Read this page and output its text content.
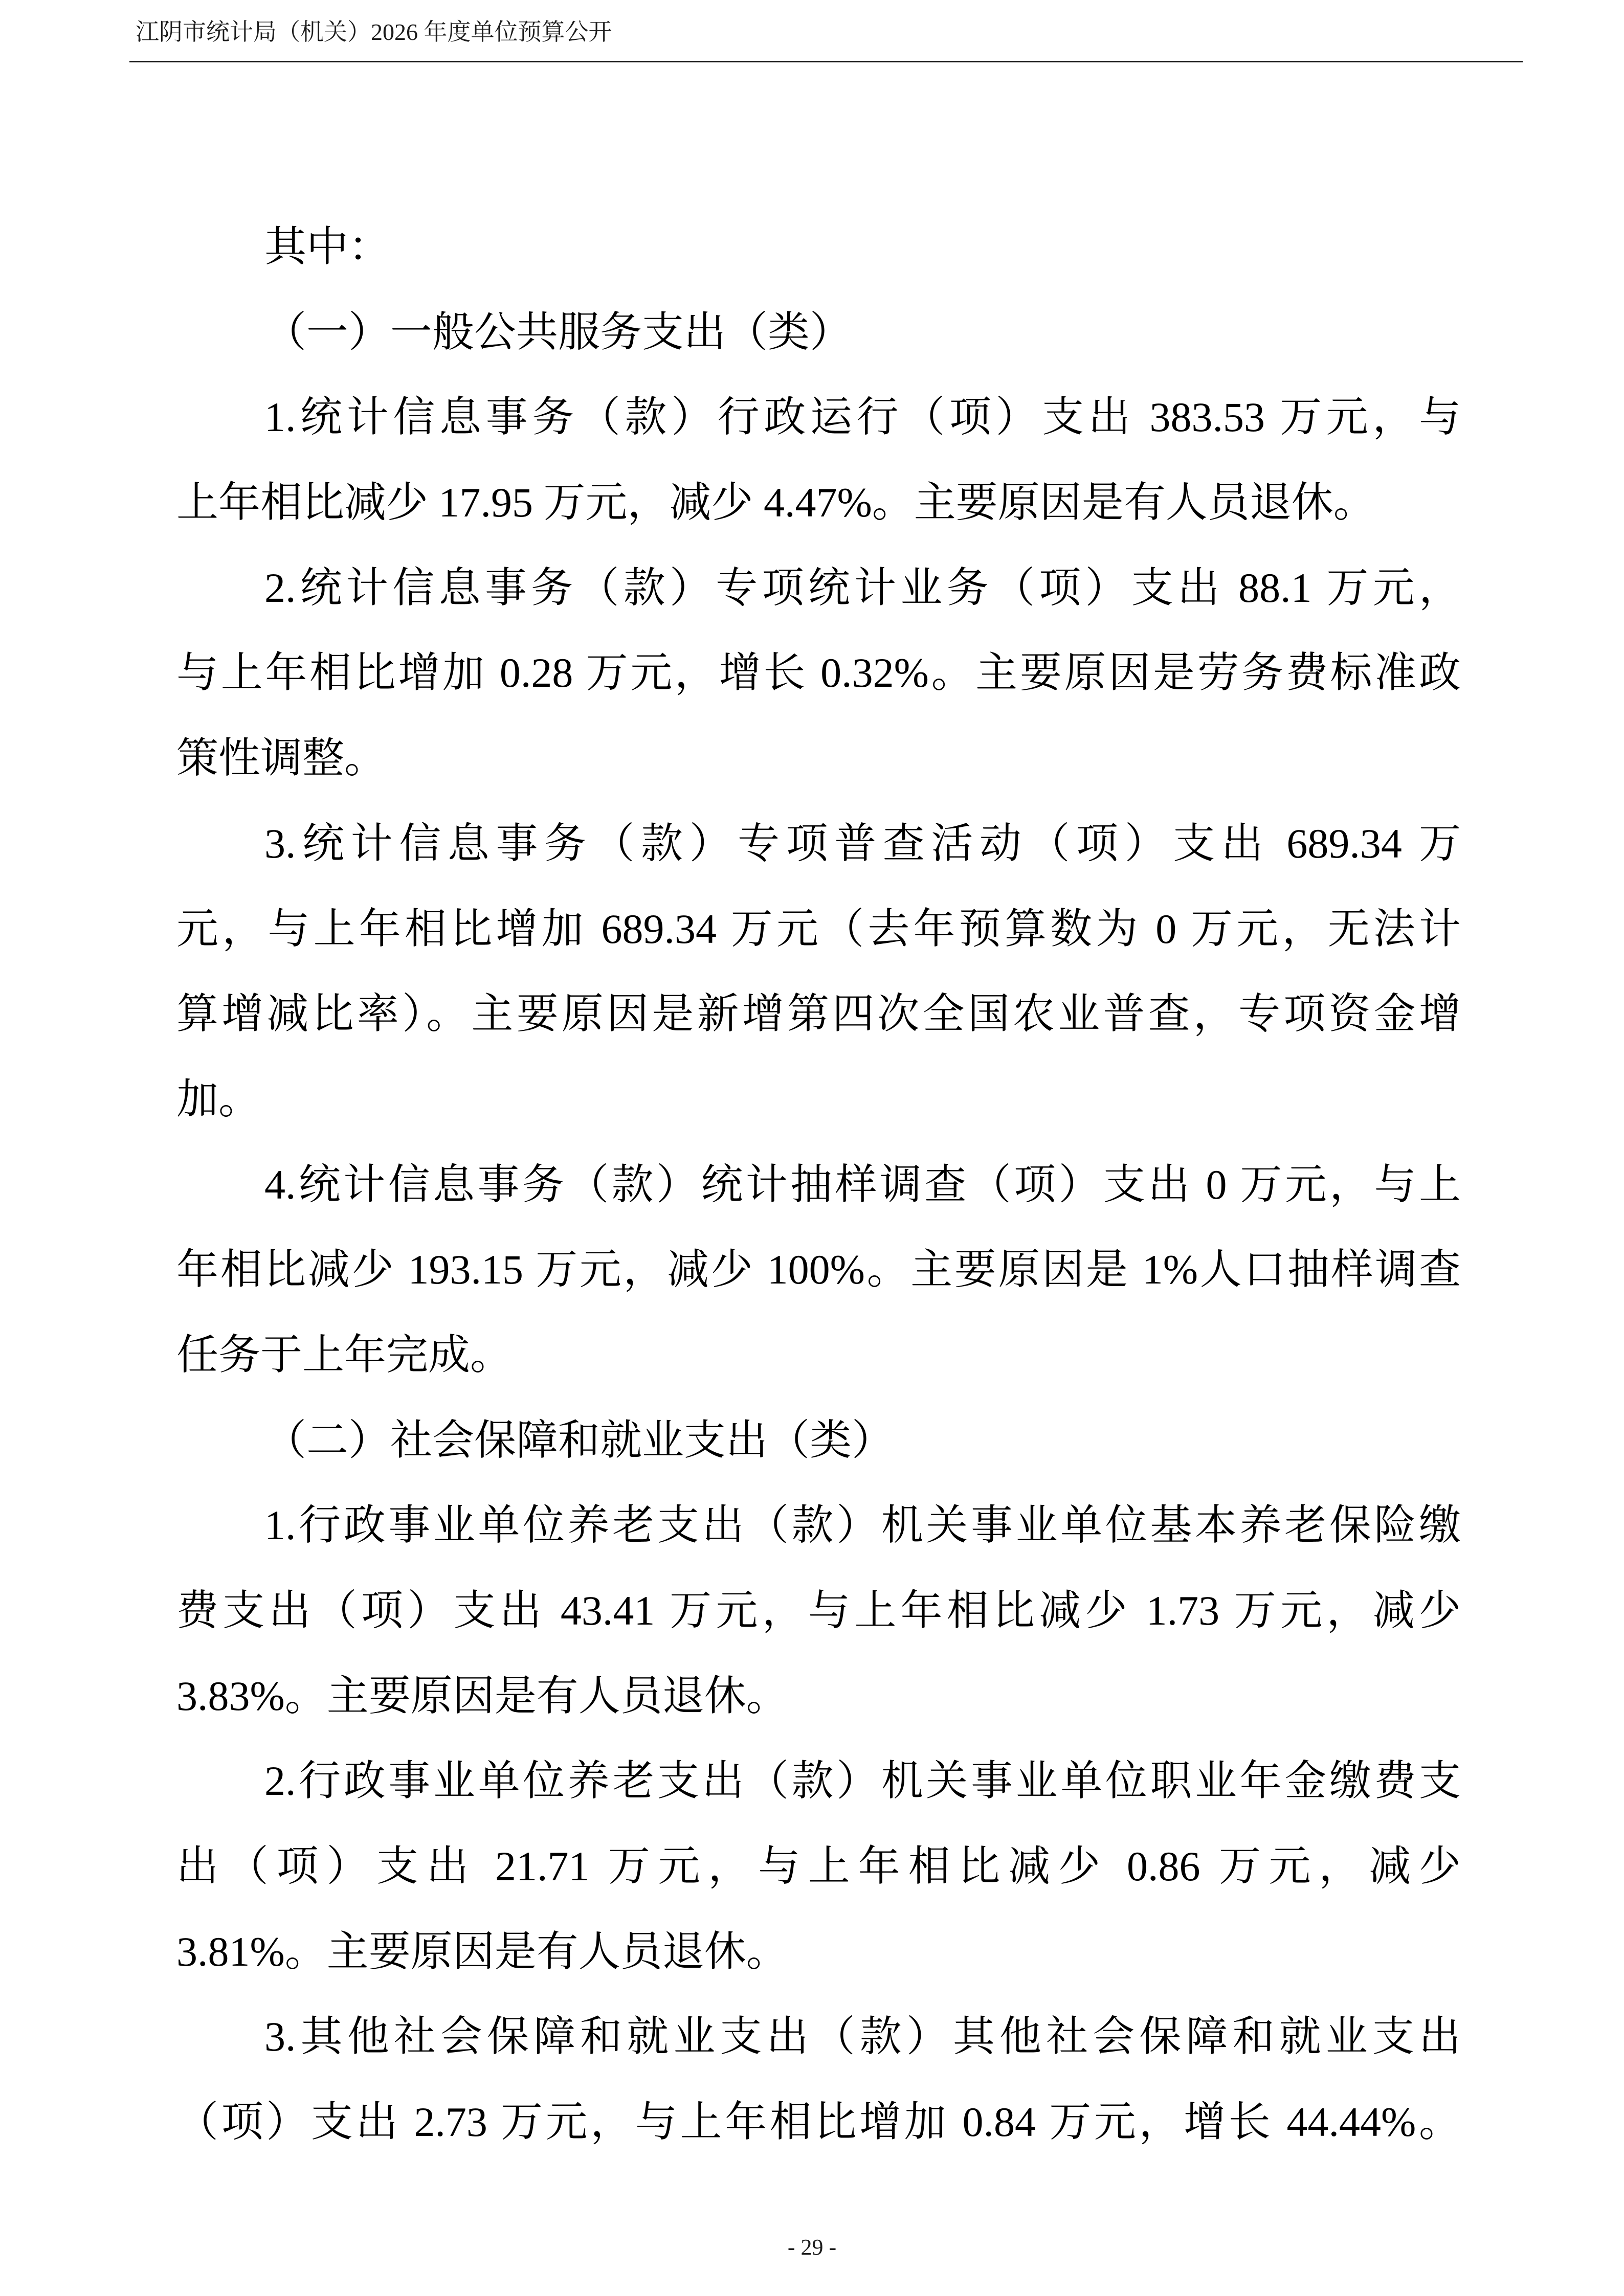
江阴市统计局（机关）2026 年度单位预算公开
其中：
（一）一般公共服务支出（类）
1.统计信息事务（款）行政运行（项）支出 383.53 万元，与
上年相比减少 17.95 万元，减少 4.47%。主要原因是有人员退休。
2.统计信息事务（款）专项统计业务（项）支出 88.1 万元，
与上年相比增加 0.28 万元，增长 0.32%。主要原因是劳务费标准政
策性调整。
3.统计信息事务（款）专项普查活动（项）支出 689.34 万
元，与上年相比增加 689.34 万元（去年预算数为 0 万元，无法计
算增减比率）。主要原因是新增第四次全国农业普查，专项资金增
加。
4.统计信息事务（款）统计抽样调查（项）支出 0 万元，与上
年相比减少 193.15 万元，减少 100%。主要原因是 1%人口抽样调查
任务于上年完成。
（二）社会保障和就业支出（类）
1.行政事业单位养老支出（款）机关事业单位基本养老保险缴
费支出（项）支出 43.41 万元，与上年相比减少 1.73 万元，减少
3.83%。主要原因是有人员退休。
2.行政事业单位养老支出（款）机关事业单位职业年金缴费支
出（项）支出 21.71 万元，与上年相比减少 0.86 万元，减少
3.81%。主要原因是有人员退休。
3.其他社会保障和就业支出（款）其他社会保障和就业支出
（项）支出 2.73 万元，与上年相比增加 0.84 万元，增长 44.44%。
- 29 -
